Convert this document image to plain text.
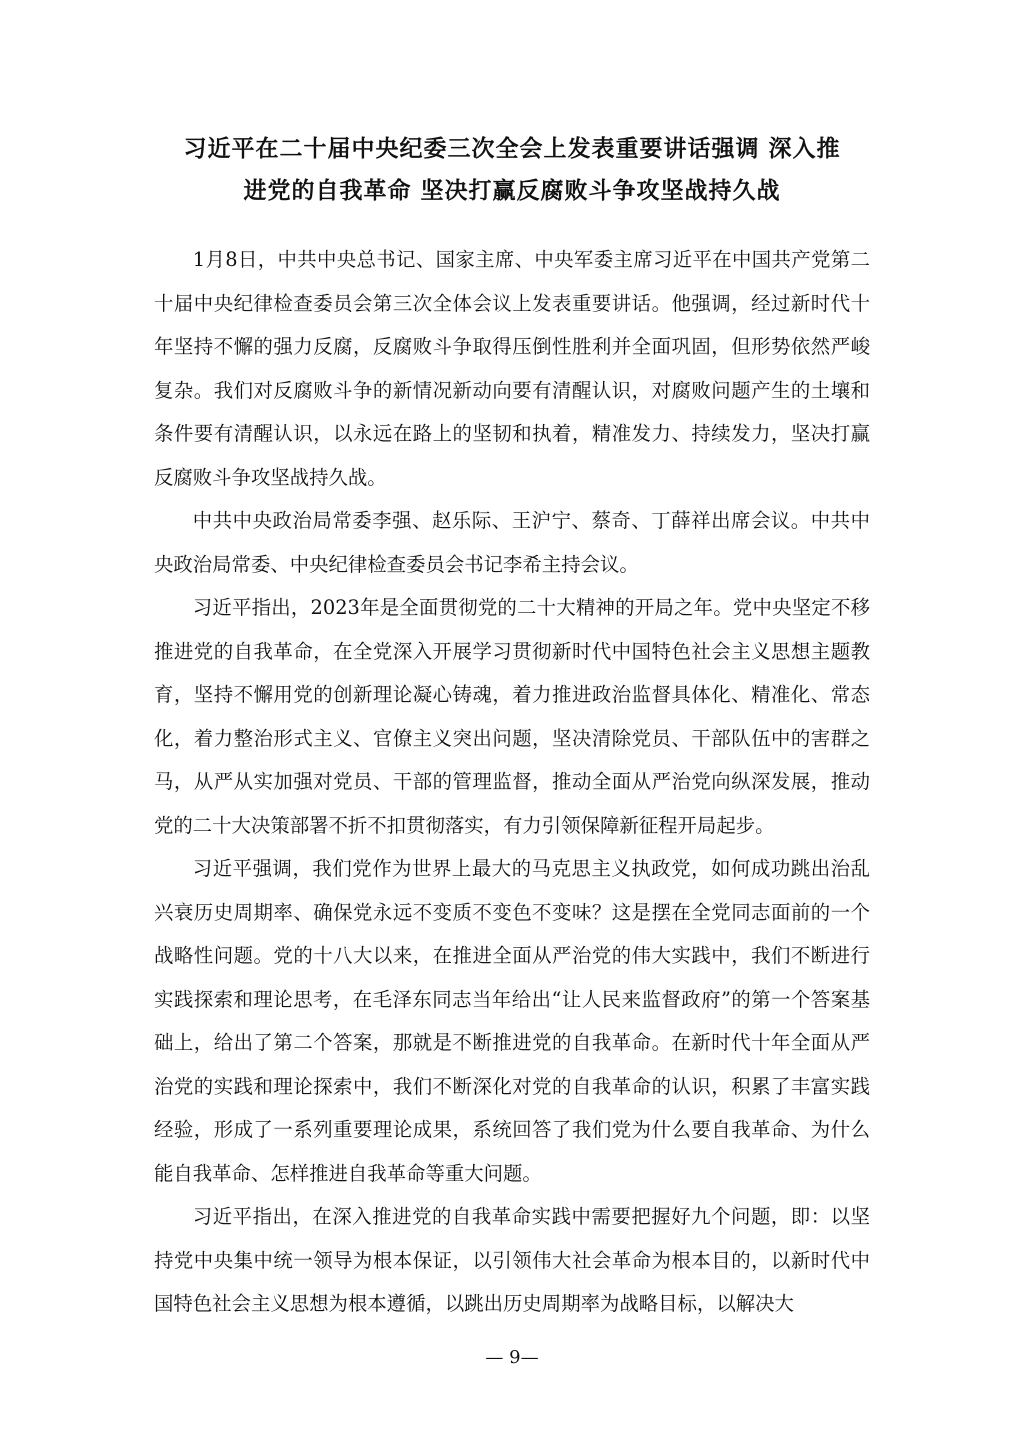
习近平在二十届中央纪委三次全会上发表重要讲话强调 深入推
进党的自我革命 坚决打赢反腐败斗争攻坚战持久战

1月8日，中共中央总书记、国家主席、中央军委主席习近平在中国共产党第二十届中央纪律检查委员会第三次全体会议上发表重要讲话。他强调，经过新时代十年坚持不懈的强力反腐，反腐败斗争取得压倒性胜利并全面巩固，但形势依然严峻复杂。我们对反腐败斗争的新情况新动向要有清醒认识，对腐败问题产生的土壤和条件要有清醒认识，以永远在路上的坚韧和执着，精准发力、持续发力，坚决打赢反腐败斗争攻坚战持久战。

中共中央政治局常委李强、赵乐际、王沪宁、蔡奇、丁薛祥出席会议。中共中央政治局常委、中央纪律检查委员会书记李希主持会议。

习近平指出，2023年是全面贯彻党的二十大精神的开局之年。党中央坚定不移推进党的自我革命，在全党深入开展学习贯彻新时代中国特色社会主义思想主题教育，坚持不懈用党的创新理论凝心铸魂，着力推进政治监督具体化、精准化、常态化，着力整治形式主义、官僚主义突出问题，坚决清除党员、干部队伍中的害群之马，从严从实加强对党员、干部的管理监督，推动全面从严治党向纵深发展，推动党的二十大决策部署不折不扣贯彻落实，有力引领保障新征程开局起步。

习近平强调，我们党作为世界上最大的马克思主义执政党，如何成功跳出治乱兴衰历史周期率、确保党永远不变质不变色不变味？这是摆在全党同志面前的一个战略性问题。党的十八大以来，在推进全面从严治党的伟大实践中，我们不断进行实践探索和理论思考，在毛泽东同志当年给出“让人民来监督政府”的第一个答案基础上，给出了第二个答案，那就是不断推进党的自我革命。在新时代十年全面从严治党的实践和理论探索中，我们不断深化对党的自我革命的认识，积累了丰富实践经验，形成了一系列重要理论成果，系统回答了我们党为什么要自我革命、为什么能自我革命、怎样推进自我革命等重大问题。

习近平指出，在深入推进党的自我革命实践中需要把握好九个问题，即：以坚持党中央集中统一领导为根本保证，以引领伟大社会革命为根本目的，以新时代中国特色社会主义思想为根本遵循，以跳出历史周期率为战略目标，以解决大

— 9—
